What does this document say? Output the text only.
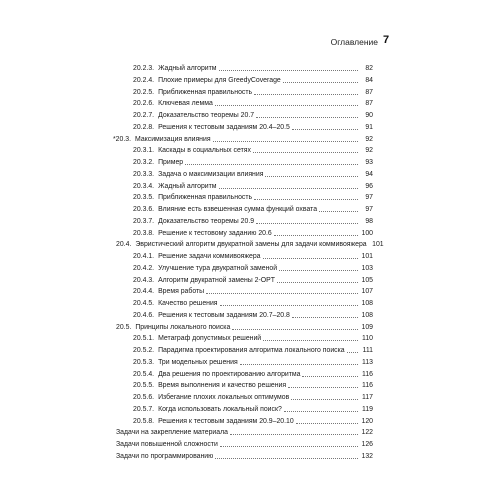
Оглавление 7
20.2.3. Жадный алгоритм	82
20.2.4. Плохие примеры для GreedyCoverage	84
20.2.5. Приближенная правильность	87
20.2.6. Ключевая лемма	87
20.2.7. Доказательство теоремы 20.7	90
20.2.8. Решения к тестовым заданиям 20.4–20.5	91
*20.3. Максимизация влияния	92
20.3.1. Каскады в социальных сетях	92
20.3.2. Пример	93
20.3.3. Задача о максимизации влияния	94
20.3.4. Жадный алгоритм	96
20.3.5. Приближенная правильность	97
20.3.6. Влияние есть взвешенная сумма функций охвата	97
20.3.7. Доказательство теоремы 20.9	98
20.3.8. Решение к тестовому заданию 20.6	100
20.4. Эвристический алгоритм двукратной замены для задачи коммивояжера 101
20.4.1. Решение задачи коммивояжера	101
20.4.2. Улучшение тура двукратной заменой	103
20.4.3. Алгоритм двукратной замены 2-OPT	105
20.4.4. Время работы	107
20.4.5. Качество решения	108
20.4.6. Решения к тестовым заданиям 20.7–20.8	108
20.5. Принципы локального поиска	109
20.5.1. Метаграф допустимых решений	110
20.5.2. Парадигма проектирования алгоритма локального поиска	111
20.5.3. Три модельных решения	113
20.5.4. Два решения по проектированию алгоритма	116
20.5.5. Время выполнения и качество решения	116
20.5.6. Избегание плохих локальных оптимумов	117
20.5.7. Когда использовать локальный поиск?	119
20.5.8. Решения к тестовым заданиям 20.9–20.10	120
Задачи на закрепление материала	122
Задачи повышенной сложности	126
Задачи по программированию	132
